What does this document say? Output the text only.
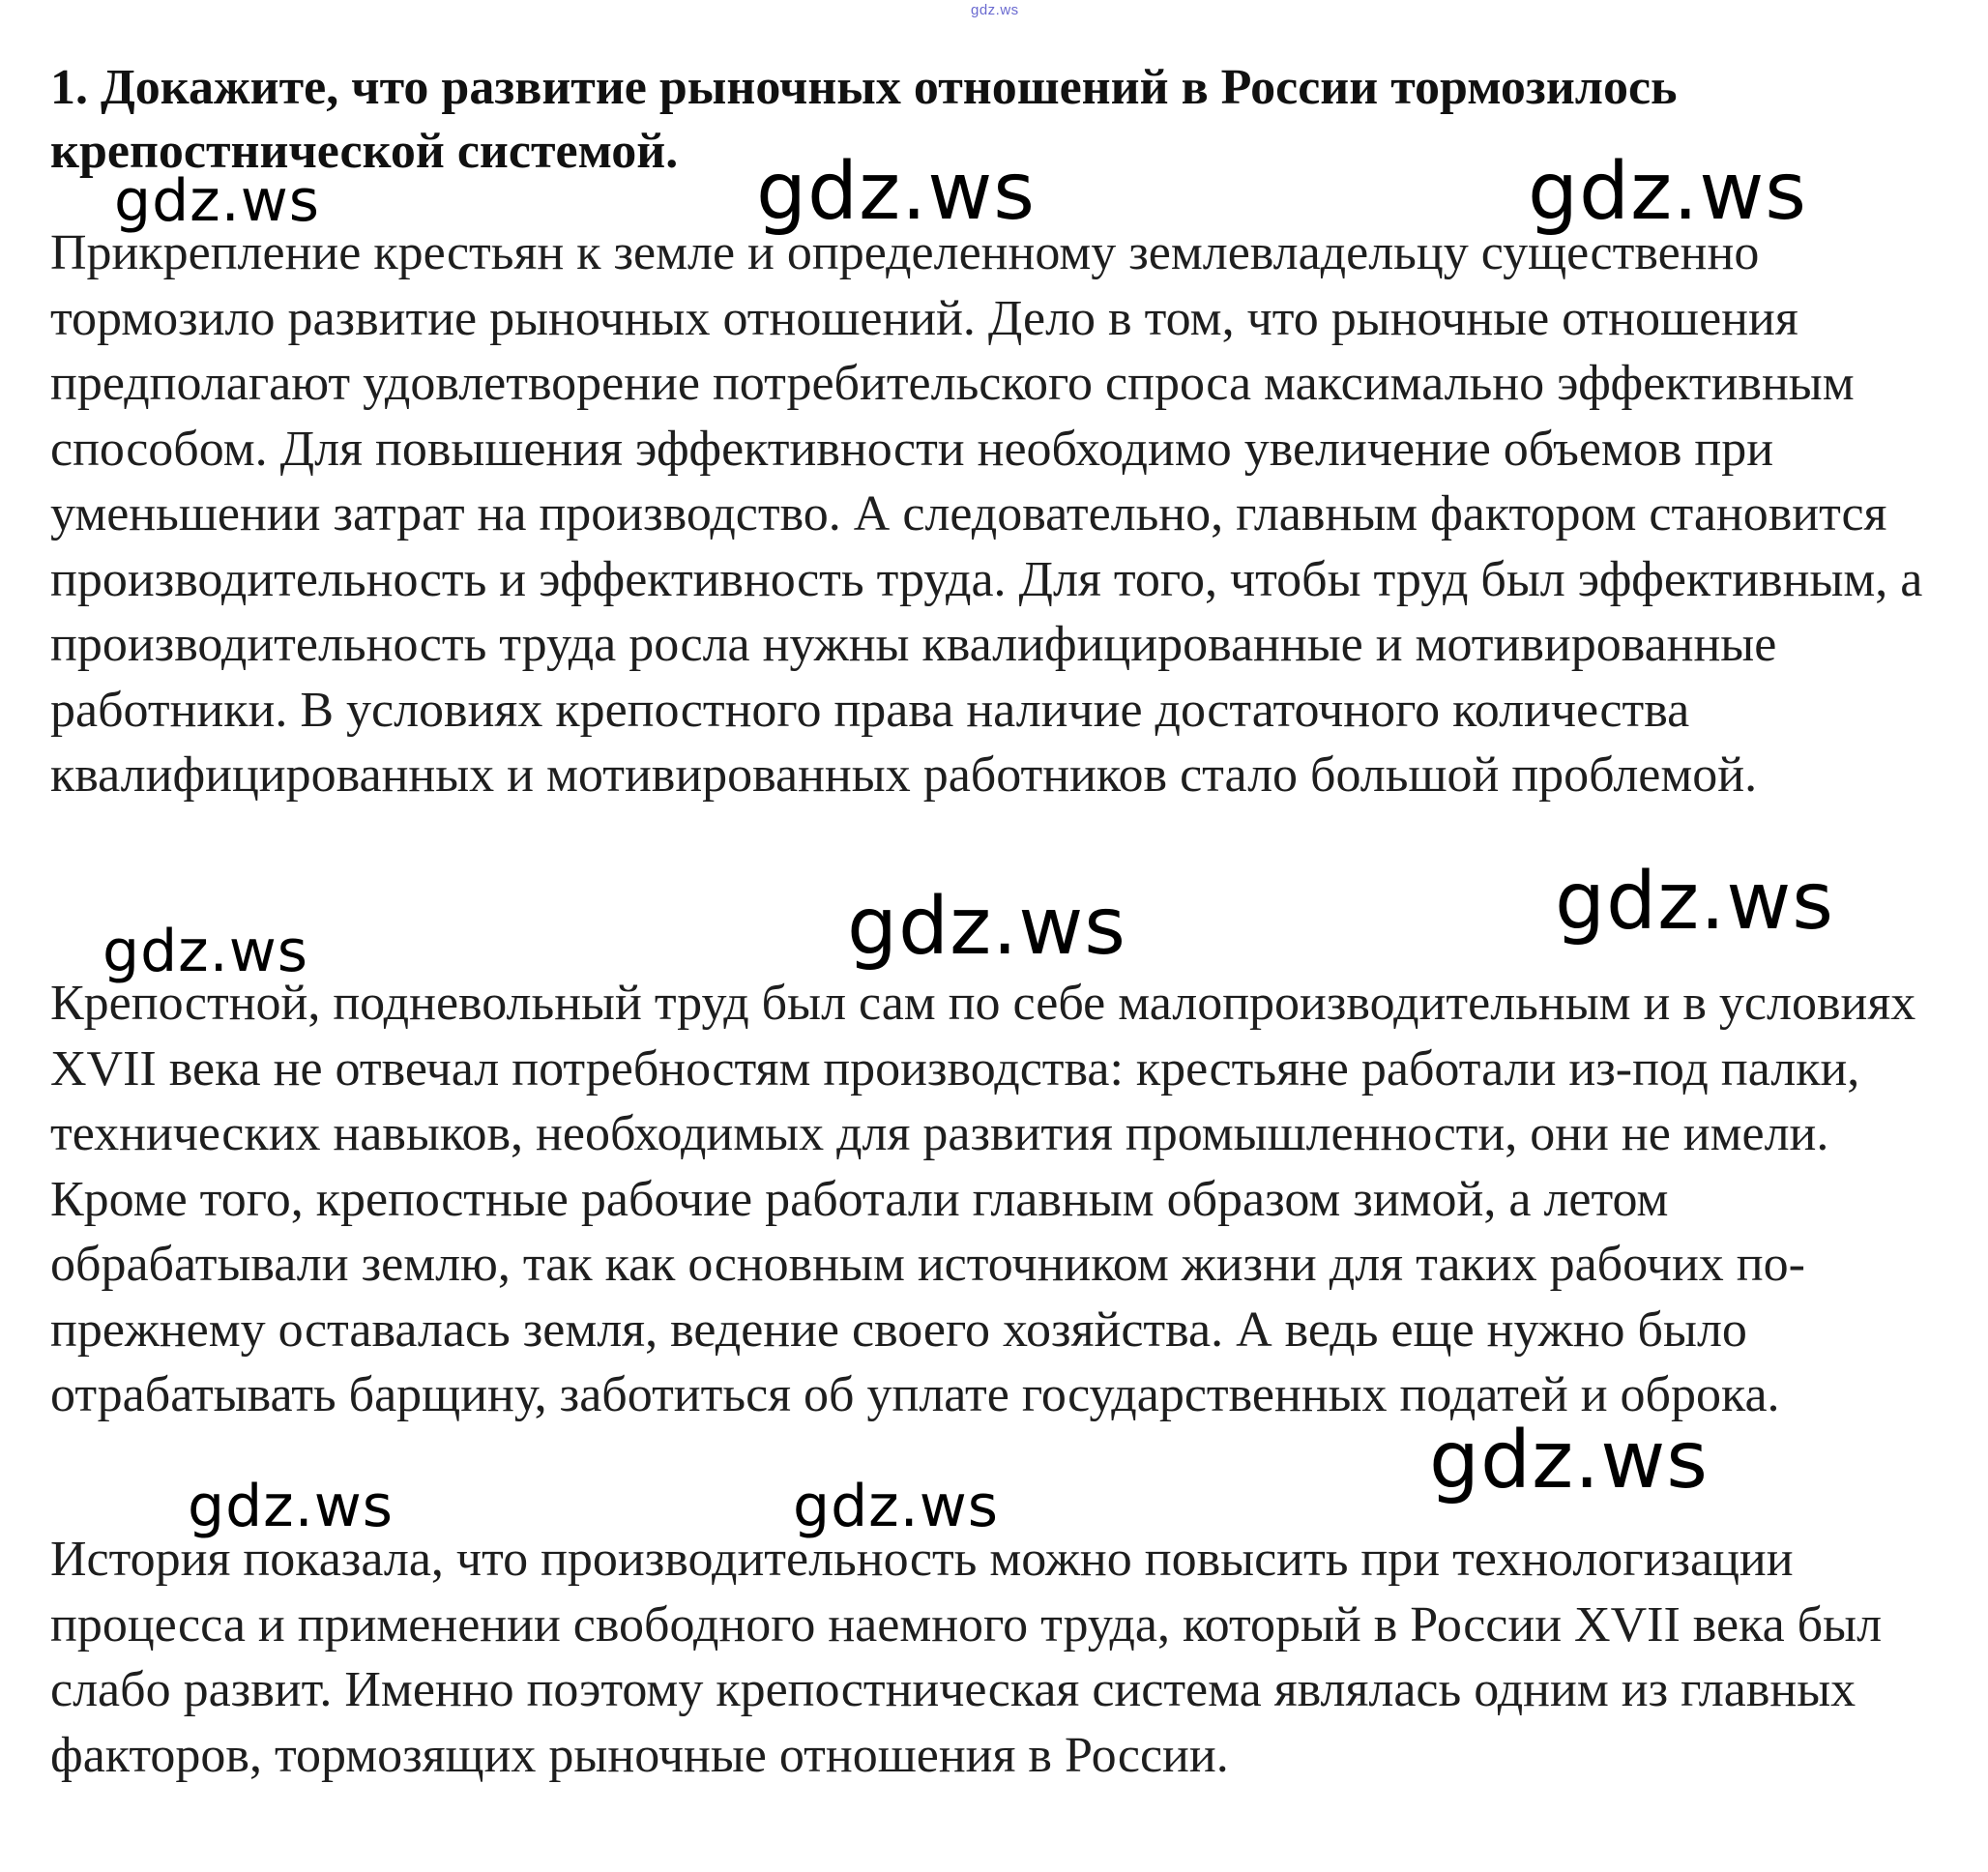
gdz.ws

1. Докажите, что развитие рыночных отношений в России тормозилось крепостнической системой.

Прикрепление крестьян к земле и определенному землевладельцу существенно тормозило развитие рыночных отношений. Дело в том, что рыночные отношения предполагают удовлетворение потребительского спроса максимально эффективным способом. Для повышения эффективности необходимо увеличение объемов при уменьшении затрат на производство. А следовательно, главным фактором становится производительность и эффективность труда. Для того, чтобы труд был эффективным, а производительность труда росла нужны квалифицированные и мотивированные работники. В условиях крепостного права наличие достаточного количества квалифицированных и мотивированных работников стало большой проблемой.

Крепостной, подневольный труд был сам по себе малопроизводительным и в условиях XVII века не отвечал потребностям производства: крестьяне работали из-под палки, технических навыков, необходимых для развития промышленности, они не имели. Кроме того, крепостные рабочие работали главным образом зимой, а летом обрабатывали землю, так как основным источником жизни для таких рабочих по-прежнему оставалась земля, ведение своего хозяйства. А ведь еще нужно было отрабатывать барщину, заботиться об уплате государственных податей и оброка.

История показала, что производительность можно повысить при технологизации процесса и применении свободного наемного труда, который в России XVII века был слабо развит. Именно поэтому крепостническая система являлась одним из главных факторов, тормозящих рыночные отношения в России.

gdz.ws	gdz.ws	gdz.ws
gdz.ws	gdz.ws	gdz.ws
gdz.ws
gdz.ws	gdz.ws
